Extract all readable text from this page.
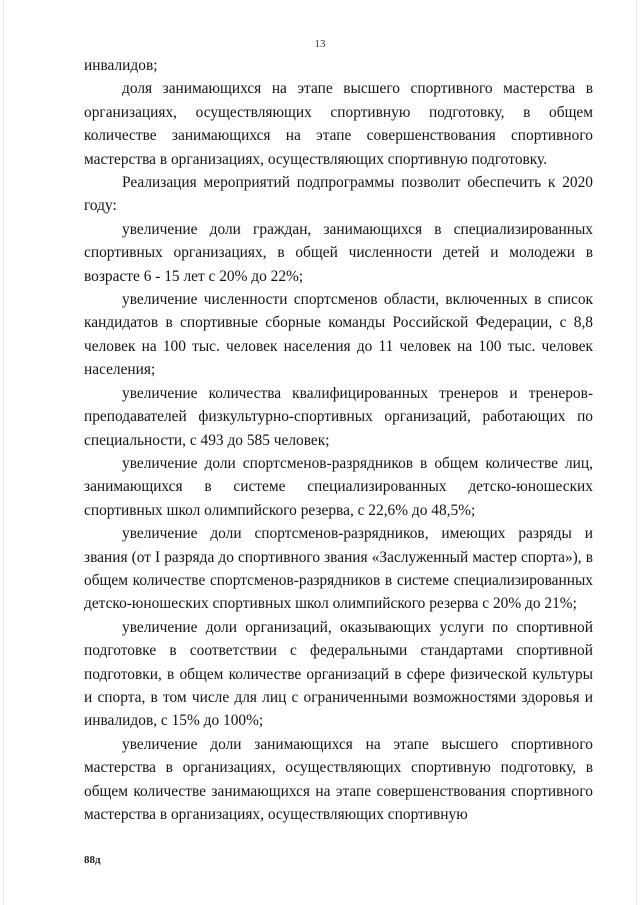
13

инвалидов;

доля занимающихся на этапе высшего спортивного мастерства в организациях, осуществляющих спортивную подготовку, в общем количестве занимающихся на этапе совершенствования спортивного мастерства в организациях, осуществляющих спортивную подготовку.

Реализация мероприятий подпрограммы позволит обеспечить к 2020 году:

увеличение доли граждан, занимающихся в специализированных спортивных организациях, в общей численности детей и молодежи в возрасте 6 - 15 лет с 20% до 22%;

увеличение численности спортсменов области, включенных в список кандидатов в спортивные сборные команды Российской Федерации, с 8,8 человек на 100 тыс. человек населения до 11 человек на 100 тыс. человек населения;

увеличение количества квалифицированных тренеров и тренеров-преподавателей физкультурно-спортивных организаций, работающих по специальности, с 493 до 585 человек;

увеличение доли спортсменов-разрядников в общем количестве лиц, занимающихся в системе специализированных детско-юношеских спортивных школ олимпийского резерва, с 22,6% до 48,5%;

увеличение доли спортсменов-разрядников, имеющих разряды и звания (от I разряда до спортивного звания «Заслуженный мастер спорта»), в общем количестве спортсменов-разрядников в системе специализированных детско-юношеских спортивных школ олимпийского резерва с 20% до 21%;

увеличение доли организаций, оказывающих услуги по спортивной подготовке в соответствии с федеральными стандартами спортивной подготовки, в общем количестве организаций в сфере физической культуры и спорта, в том числе для лиц с ограниченными возможностями здоровья и инвалидов, с 15% до 100%;

увеличение доли занимающихся на этапе высшего спортивного мастерства в организациях, осуществляющих спортивную подготовку, в общем количестве занимающихся на этапе совершенствования спортивного мастерства в организациях, осуществляющих спортивную

88д
